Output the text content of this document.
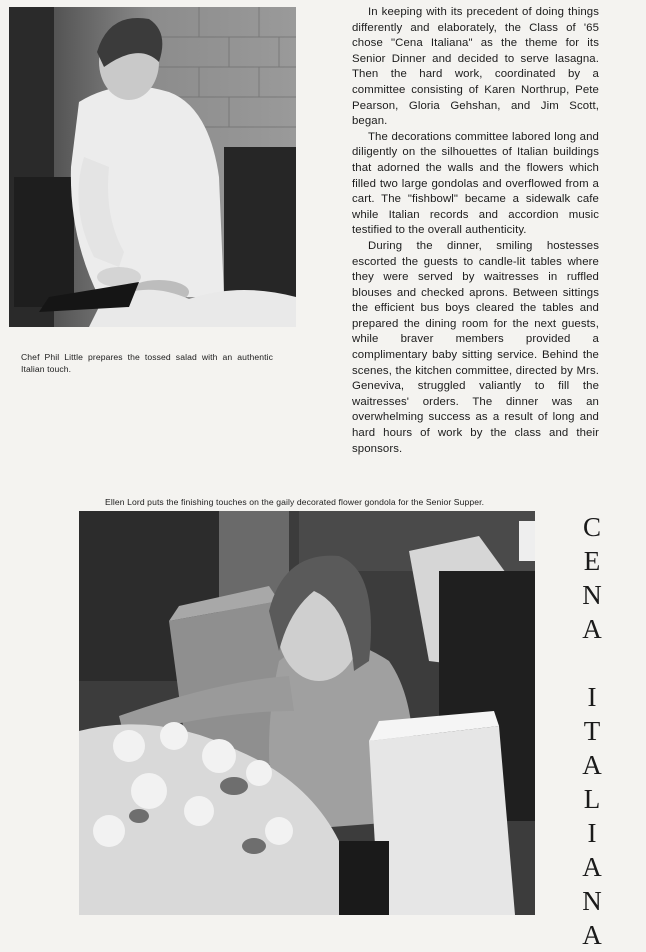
Chef Phil Little prepares the tossed salad with an authentic Italian touch.

In keeping with its precedent of doing things differently and elaborately, the Class of '65 chose "Cena Italiana" as the theme for its Senior Dinner and decided to serve lasagna. Then the hard work, coordinated by a committee consisting of Karen Northrup, Pete Pearson, Gloria Gehshan, and Jim Scott, began.

The decorations committee labored long and diligently on the silhouettes of Italian buildings that adorned the walls and the flowers which filled two large gondolas and overflowed from a cart. The "fishbowl" became a sidewalk cafe while Italian records and accordion music testified to the overall authenticity.

During the dinner, smiling hostesses escorted the guests to candle-lit tables where they were served by waitresses in ruffled blouses and checked aprons. Between sittings the efficient bus boys cleared the tables and prepared the dining room for the next guests, while braver members provided a complimentary baby sitting service. Behind the scenes, the kitchen committee, directed by Mrs. Geneviva, struggled valiantly to fill the waitresses' orders. The dinner was an overwhelming success as a result of long and hard hours of work by the class and their sponsors.

Ellen Lord puts the finishing touches on the gaily decorated flower gondola for the Senior Supper.

C
E
N
A
I
T
A
L
I
A
N
A
